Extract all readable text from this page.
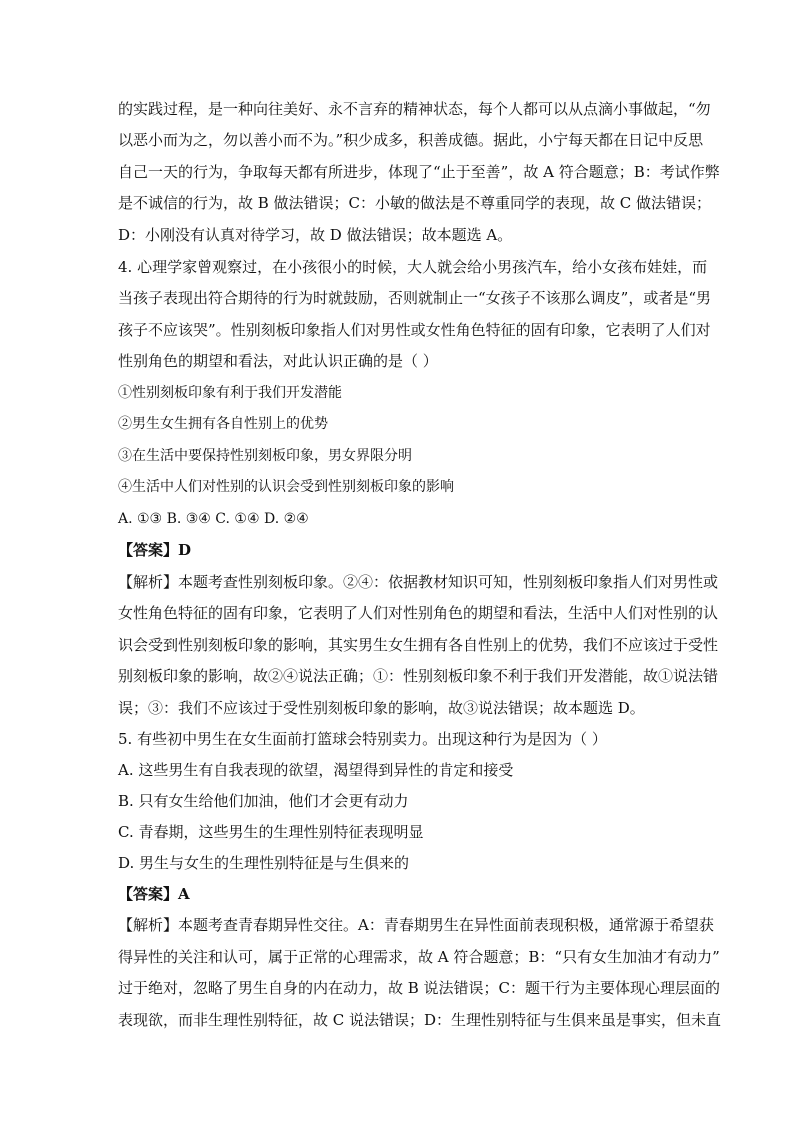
的实践过程，是一种向往美好、永不言弃的精神状态，每个人都可以从点滴小事做起，“勿
以恶小而为之，勿以善小而不为。”积少成多，积善成德。据此，小宁每天都在日记中反思
自己一天的行为，争取每天都有所进步，体现了“止于至善”，故 A 符合题意；B：考试作弊
是不诚信的行为，故 B 做法错误；C：小敏的做法是不尊重同学的表现，故 C 做法错误；
D：小刚没有认真对待学习，故 D 做法错误；故本题选 A。
4. 心理学家曾观察过，在小孩很小的时候，大人就会给小男孩汽车，给小女孩布娃娃，而
当孩子表现出符合期待的行为时就鼓励，否则就制止一“女孩子不该那么调皮”，或者是“男
孩子不应该哭”。性别刻板印象指人们对男性或女性角色特征的固有印象，它表明了人们对
性别角色的期望和看法，对此认识正确的是（ ）
①性别刻板印象有利于我们开发潜能
②男生女生拥有各自性别上的优势
③在生活中要保持性别刻板印象，男女界限分明
④生活中人们对性别的认识会受到性别刻板印象的影响
A. ①③ B. ③④ C. ①④ D. ②④
【答案】D
【解析】本题考查性别刻板印象。②④：依据教材知识可知，性别刻板印象指人们对男性或
女性角色特征的固有印象，它表明了人们对性别角色的期望和看法，生活中人们对性别的认
识会受到性别刻板印象的影响，其实男生女生拥有各自性别上的优势，我们不应该过于受性
别刻板印象的影响，故②④说法正确；①：性别刻板印象不利于我们开发潜能，故①说法错
误；③：我们不应该过于受性别刻板印象的影响，故③说法错误；故本题选 D。
5. 有些初中男生在女生面前打篮球会特别卖力。出现这种行为是因为（ ）
A. 这些男生有自我表现的欲望，渴望得到异性的肯定和接受
B. 只有女生给他们加油，他们才会更有动力
C. 青春期，这些男生的生理性别特征表现明显
D. 男生与女生的生理性别特征是与生俱来的
【答案】A
【解析】本题考查青春期异性交往。A：青春期男生在异性面前表现积极，通常源于希望获
得异性的关注和认可，属于正常的心理需求，故 A 符合题意；B：“只有女生加油才有动力”
过于绝对，忽略了男生自身的内在动力，故 B 说法错误；C：题干行为主要体现心理层面的
表现欲，而非生理性别特征，故 C 说法错误；D：生理性别特征与生俱来虽是事实，但未直
